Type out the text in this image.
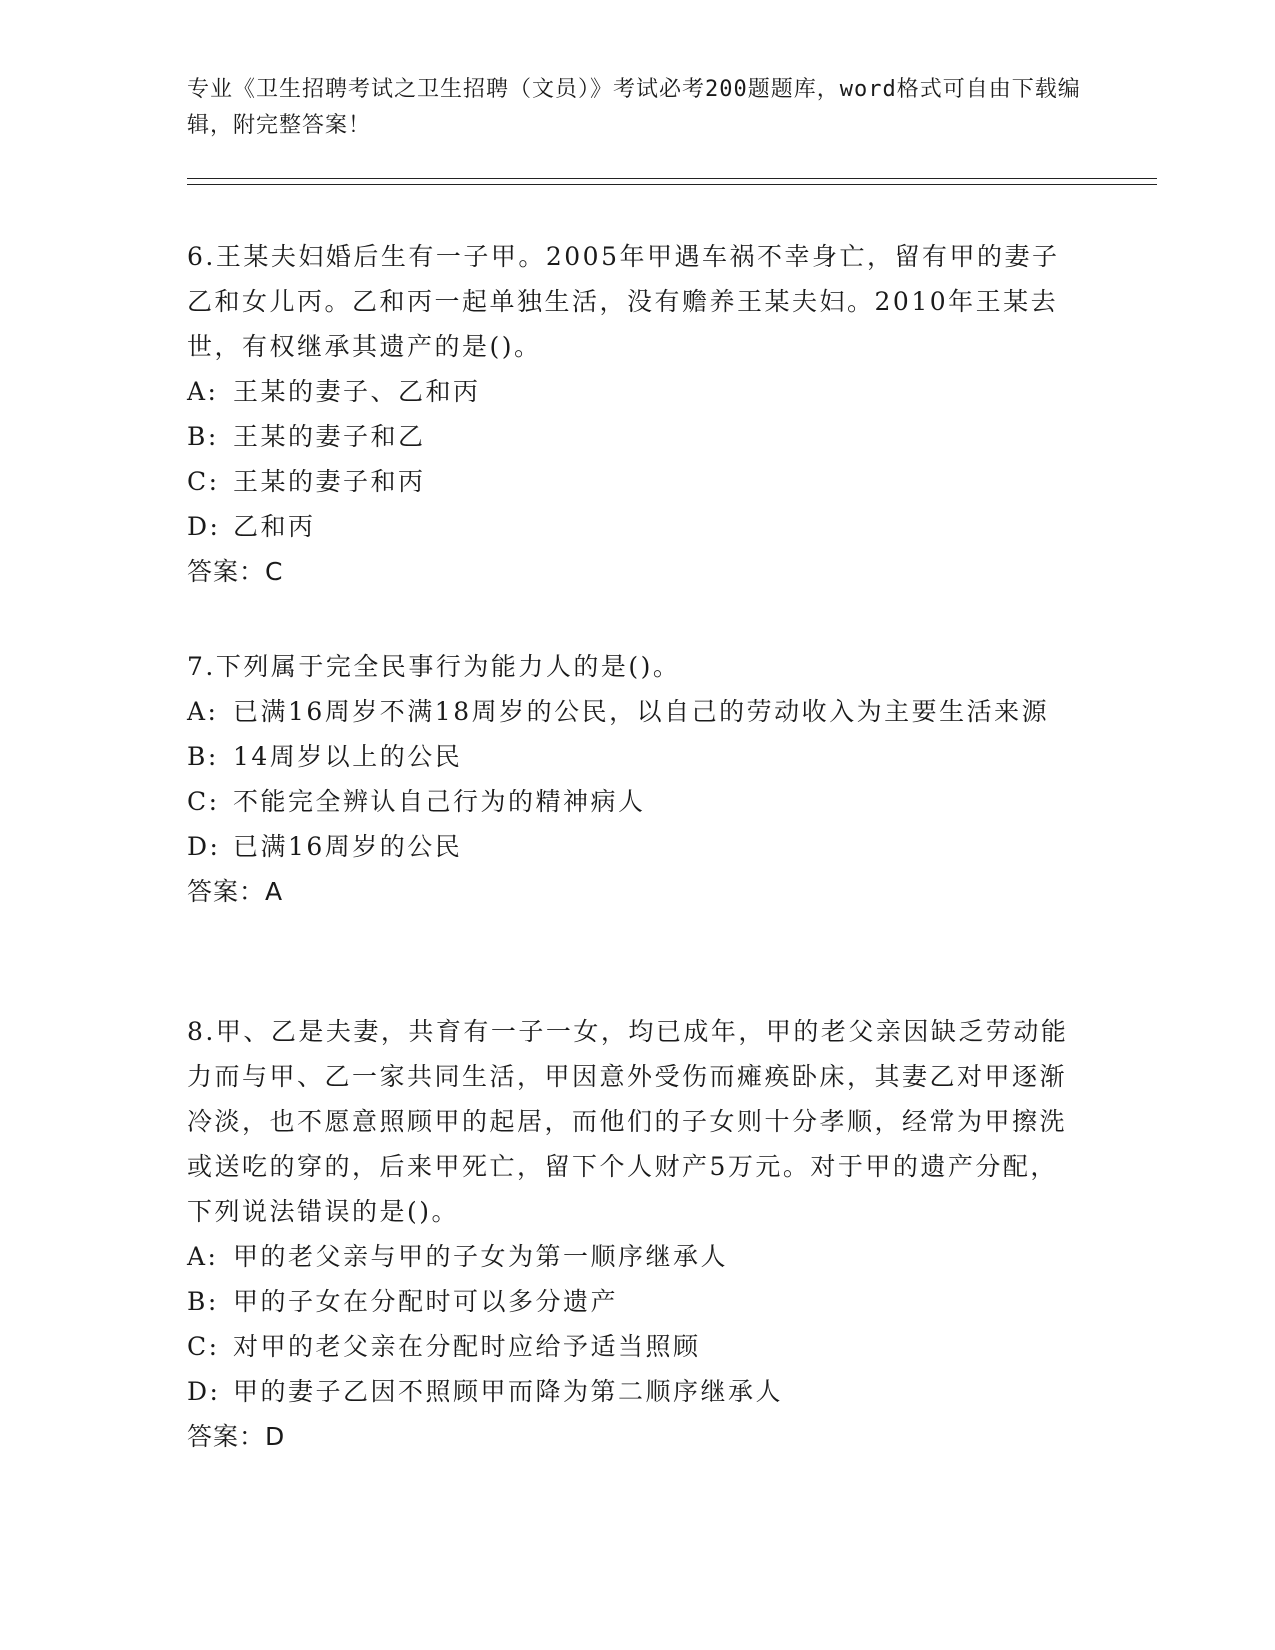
专业《卫生招聘考试之卫生招聘（文员）》考试必考200题题库，word格式可自由下载编辑，附完整答案！

6.王某夫妇婚后生有一子甲。2005年甲遇车祸不幸身亡，留有甲的妻子乙和女儿丙。乙和丙一起单独生活，没有赡养王某夫妇。2010年王某去世，有权继承其遗产的是()。

A: 王某的妻子、乙和丙

B: 王某的妻子和乙

C: 王某的妻子和丙

D: 乙和丙

答案：C

7.下列属于完全民事行为能力人的是()。

A: 已满16周岁不满18周岁的公民，以自己的劳动收入为主要生活来源

B: 14周岁以上的公民

C: 不能完全辨认自己行为的精神病人

D: 已满16周岁的公民

答案：A

8.甲、乙是夫妻，共育有一子一女，均已成年，甲的老父亲因缺乏劳动能力而与甲、乙一家共同生活，甲因意外受伤而瘫痪卧床，其妻乙对甲逐渐冷淡，也不愿意照顾甲的起居，而他们的子女则十分孝顺，经常为甲擦洗或送吃的穿的，后来甲死亡，留下个人财产5万元。对于甲的遗产分配，下列说法错误的是()。

A: 甲的老父亲与甲的子女为第一顺序继承人

B: 甲的子女在分配时可以多分遗产

C: 对甲的老父亲在分配时应给予适当照顾

D: 甲的妻子乙因不照顾甲而降为第二顺序继承人

答案：D
